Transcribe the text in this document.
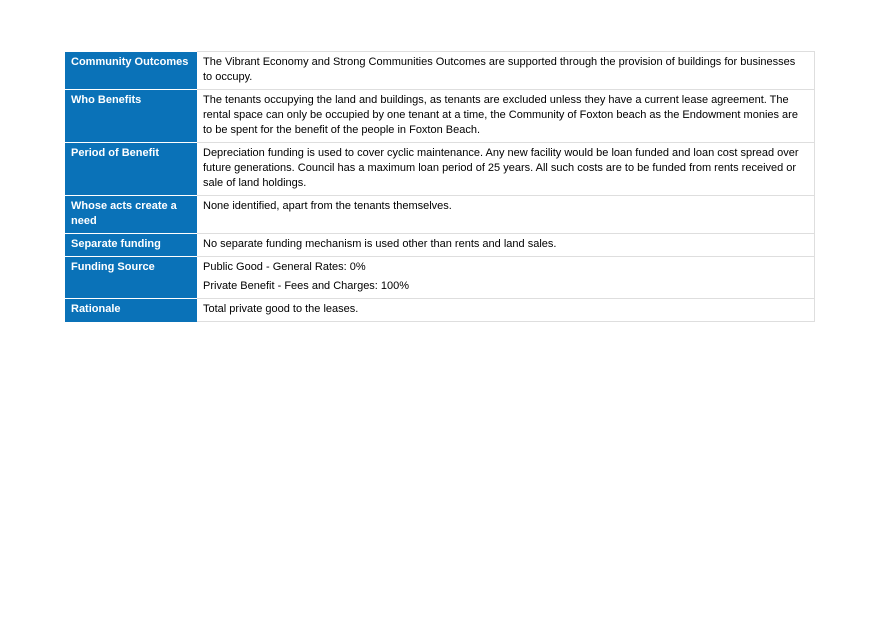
Community Outcomes	The Vibrant Economy and Strong Communities Outcomes are supported through the provision of buildings for businesses to occupy.

Who Benefits	The tenants occupying the land and buildings, as tenants are excluded unless they have a current lease agreement. The rental space can only be occupied by one tenant at a time, the Community of Foxton beach as the Endowment monies are to be spent for the benefit of the people in Foxton Beach.

Period of Benefit	Depreciation funding is used to cover cyclic maintenance. Any new facility would be loan funded and loan cost spread over future generations. Council has a maximum loan period of 25 years. All such costs are to be funded from rents received or sale of land holdings.

Whose acts create a need	None identified, apart from the tenants themselves.

Separate funding	No separate funding mechanism is used other than rents and land sales.

Funding Source	Public Good - General Rates: 0%
Private Benefit - Fees and Charges: 100%

Rationale	Total private good to the leases.
